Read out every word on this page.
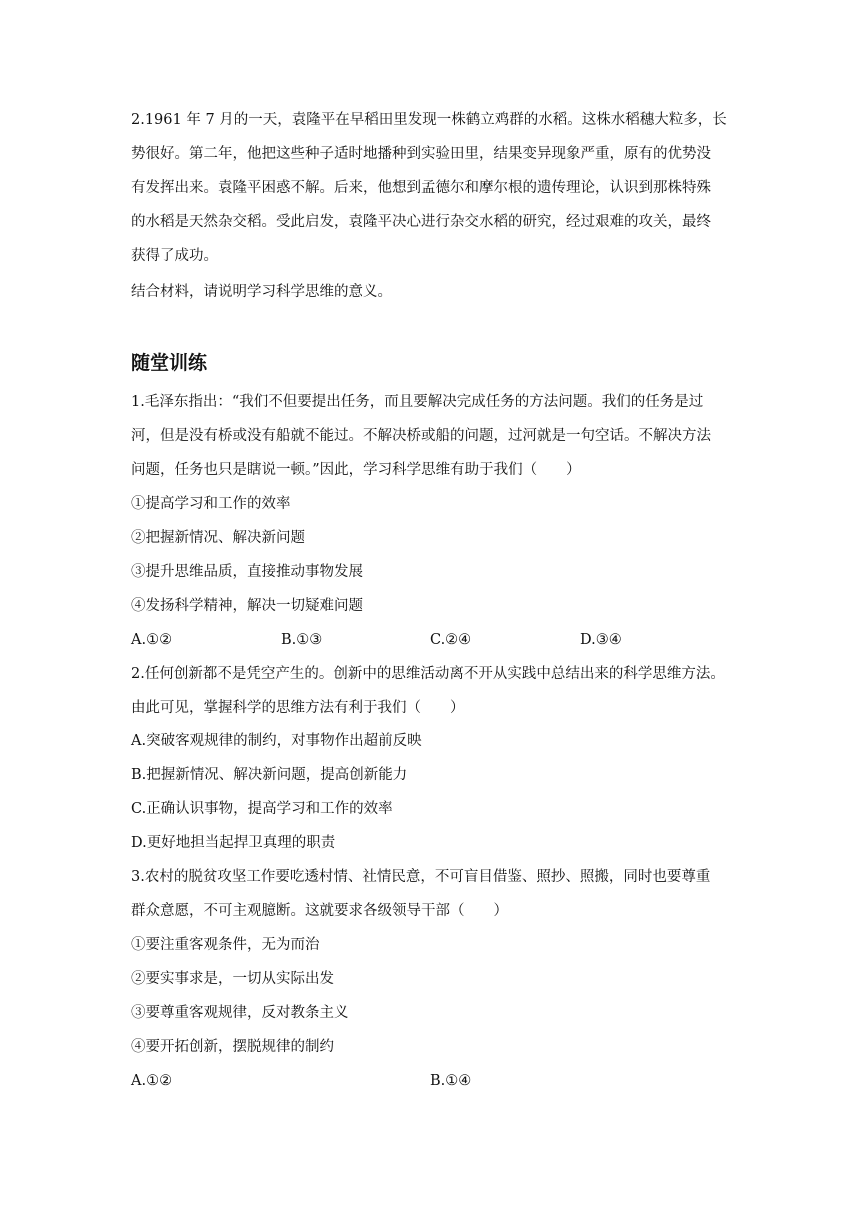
2.1961 年 7 月的一天，袁隆平在早稻田里发现一株鹤立鸡群的水稻。这株水稻穗大粒多，长
势很好。第二年，他把这些种子适时地播种到实验田里，结果变异现象严重，原有的优势没
有发挥出来。袁隆平困惑不解。后来，他想到孟德尔和摩尔根的遗传理论，认识到那株特殊
的水稻是天然杂交稻。受此启发，袁隆平决心进行杂交水稻的研究，经过艰难的攻关，最终
获得了成功。
结合材料，请说明学习科学思维的意义。
随堂训练
1.毛泽东指出：“我们不但要提出任务，而且要解决完成任务的方法问题。我们的任务是过
河，但是没有桥或没有船就不能过。不解决桥或船的问题，过河就是一句空话。不解决方法
问题，任务也只是瞎说一顿。”因此，学习科学思维有助于我们（　　）
①提高学习和工作的效率
②把握新情况、解决新问题
③提升思维品质，直接推动事物发展
④发扬科学精神，解决一切疑难问题
A.①②	B.①③	C.②④	D.③④
2.任何创新都不是凭空产生的。创新中的思维活动离不开从实践中总结出来的科学思维方法。
由此可见，掌握科学的思维方法有利于我们（　　）
A.突破客观规律的制约，对事物作出超前反映
B.把握新情况、解决新问题，提高创新能力
C.正确认识事物，提高学习和工作的效率
D.更好地担当起捍卫真理的职责
3.农村的脱贫攻坚工作要吃透村情、社情民意，不可盲目借鉴、照抄、照搬，同时也要尊重
群众意愿，不可主观臆断。这就要求各级领导干部（　　）
①要注重客观条件，无为而治
②要实事求是，一切从实际出发
③要尊重客观规律，反对教条主义
④要开拓创新，摆脱规律的制约
A.①②	B.①④
